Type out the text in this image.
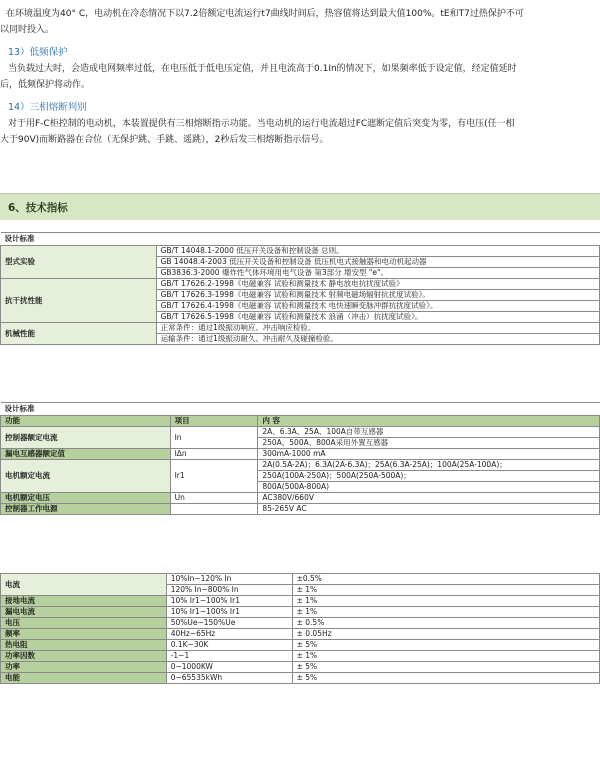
在环境温度为40° C，电动机在冷态情况下以7.2倍额定电流运行t7曲线时间后，热容值将达到最大值100%。tE和T7过热保护不可
以同时投入。
13）低频保护
当负载过大时，会造成电网频率过低，在电压低于低电压定值，并且电流高于0.1In的情况下，如果频率低于设定值，经定值延时
后，低频保护将动作。
14）三相熔断判别
对于用F-C柜控制的电动机，本装置提供有三相熔断指示功能。当电动机的运行电流超过FC遮断定值后突变为零，有电压(任一相
大于90V)而断路器在合位（无保护跳、手跳、遥跳），2秒后发三相熔断指示信号。
6、技术指标
设计标准	
型式实验	GB/T 14048.1-2000 低压开关设备和控制设备 总则。
	GB 14048.4-2003 低压开关设备和控制设备 低压机电式接触器和电动机起动器
	GB3836.3-2000 爆炸性气体环境用电气设备 第3部分 增安型 "e"。
抗干扰性能	GB/T 17626.2-1998《电磁兼容 试验和测量技术 静电放电抗扰度试验》
	GB/T 17626.3-1998《电磁兼容 试验和测量技术 射频电磁场辐射抗扰度试验》。
	GB/T 17626.4-1998《电磁兼容 试验和测量技术 电快速瞬变脉冲群抗扰度试验》。
	GB/T 17626.5-1998《电磁兼容 试验和测量技术 浪涌（冲击）抗扰度试验》。
机械性能	正常条件：通过1级振动响应、冲击响应检验。
	运输条件：通过1级振动耐久、冲击耐久及碰撞检验。
设计标准		
功能	项目	内 容
控制器额定电流	In	2A、6.3A、25A、100A自带互感器
		250A、500A、800A采用外置互感器
漏电互感器额定值	IΔn	300mA-1000 mA
电机额定电流	Ir1	2A(0.5A-2A)；6.3A(2A-6.3A)；25A(6.3A-25A)；100A(25A-100A)；
		250A(100A-250A)；500A(250A-500A)；
		800A(500A-800A)
电机额定电压	Un	AC380V/660V
控制器工作电源		85-265V AC
电流	10%In~120% In	±0.5%
	120% In~800% In	± 1%
接地电流	10% Ir1~100% Ir1	± 1%
漏电电流	10% Ir1~100% Ir1	± 1%
电压	50%Ue~150%Ue	± 0.5%
频率	40Hz~65Hz	± 0.05Hz
热电阻	0.1K~30K	± 5%
功率因数	-1~1	± 1%
功率	0~1000KW	± 5%
电能	0~65535kWh	± 5%
